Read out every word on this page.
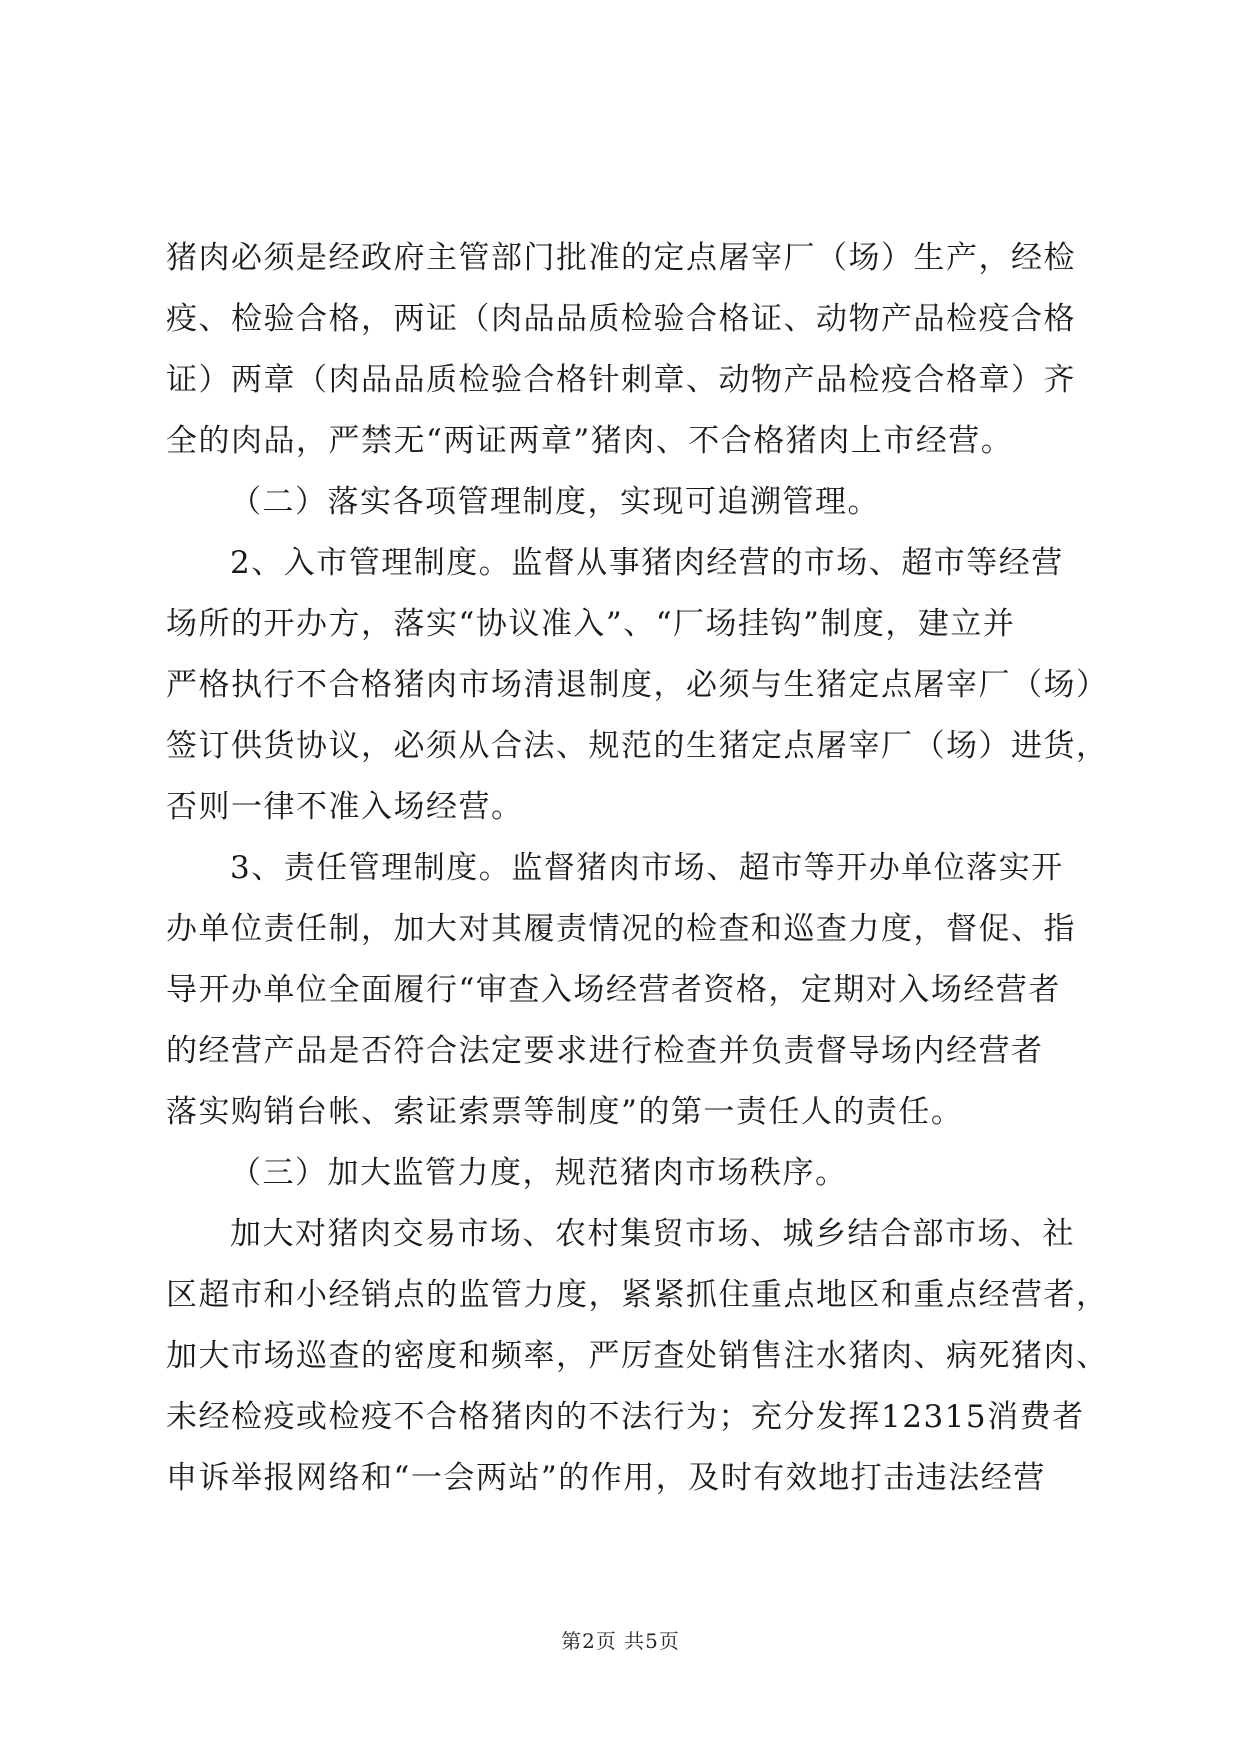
猪肉必须是经政府主管部门批准的定点屠宰厂（场）生产，经检
疫、检验合格，两证（肉品品质检验合格证、动物产品检疫合格
证）两章（肉品品质检验合格针刺章、动物产品检疫合格章）齐
全的肉品，严禁无“两证两章”猪肉、不合格猪肉上市经营。
（二）落实各项管理制度，实现可追溯管理。
2、入市管理制度。监督从事猪肉经营的市场、超市等经营
场所的开办方，落实“协议准入”、“厂场挂钩”制度，建立并
严格执行不合格猪肉市场清退制度，必须与生猪定点屠宰厂（场）
签订供货协议，必须从合法、规范的生猪定点屠宰厂（场）进货，
否则一律不准入场经营。
3、责任管理制度。监督猪肉市场、超市等开办单位落实开
办单位责任制，加大对其履责情况的检查和巡查力度，督促、指
导开办单位全面履行“审查入场经营者资格，定期对入场经营者
的经营产品是否符合法定要求进行检查并负责督导场内经营者
落实购销台帐、索证索票等制度”的第一责任人的责任。
（三）加大监管力度，规范猪肉市场秩序。
加大对猪肉交易市场、农村集贸市场、城乡结合部市场、社
区超市和小经销点的监管力度，紧紧抓住重点地区和重点经营者，
加大市场巡查的密度和频率，严厉查处销售注水猪肉、病死猪肉、
未经检疫或检疫不合格猪肉的不法行为；充分发挥12315消费者
申诉举报网络和“一会两站”的作用，及时有效地打击违法经营
第2页 共5页
